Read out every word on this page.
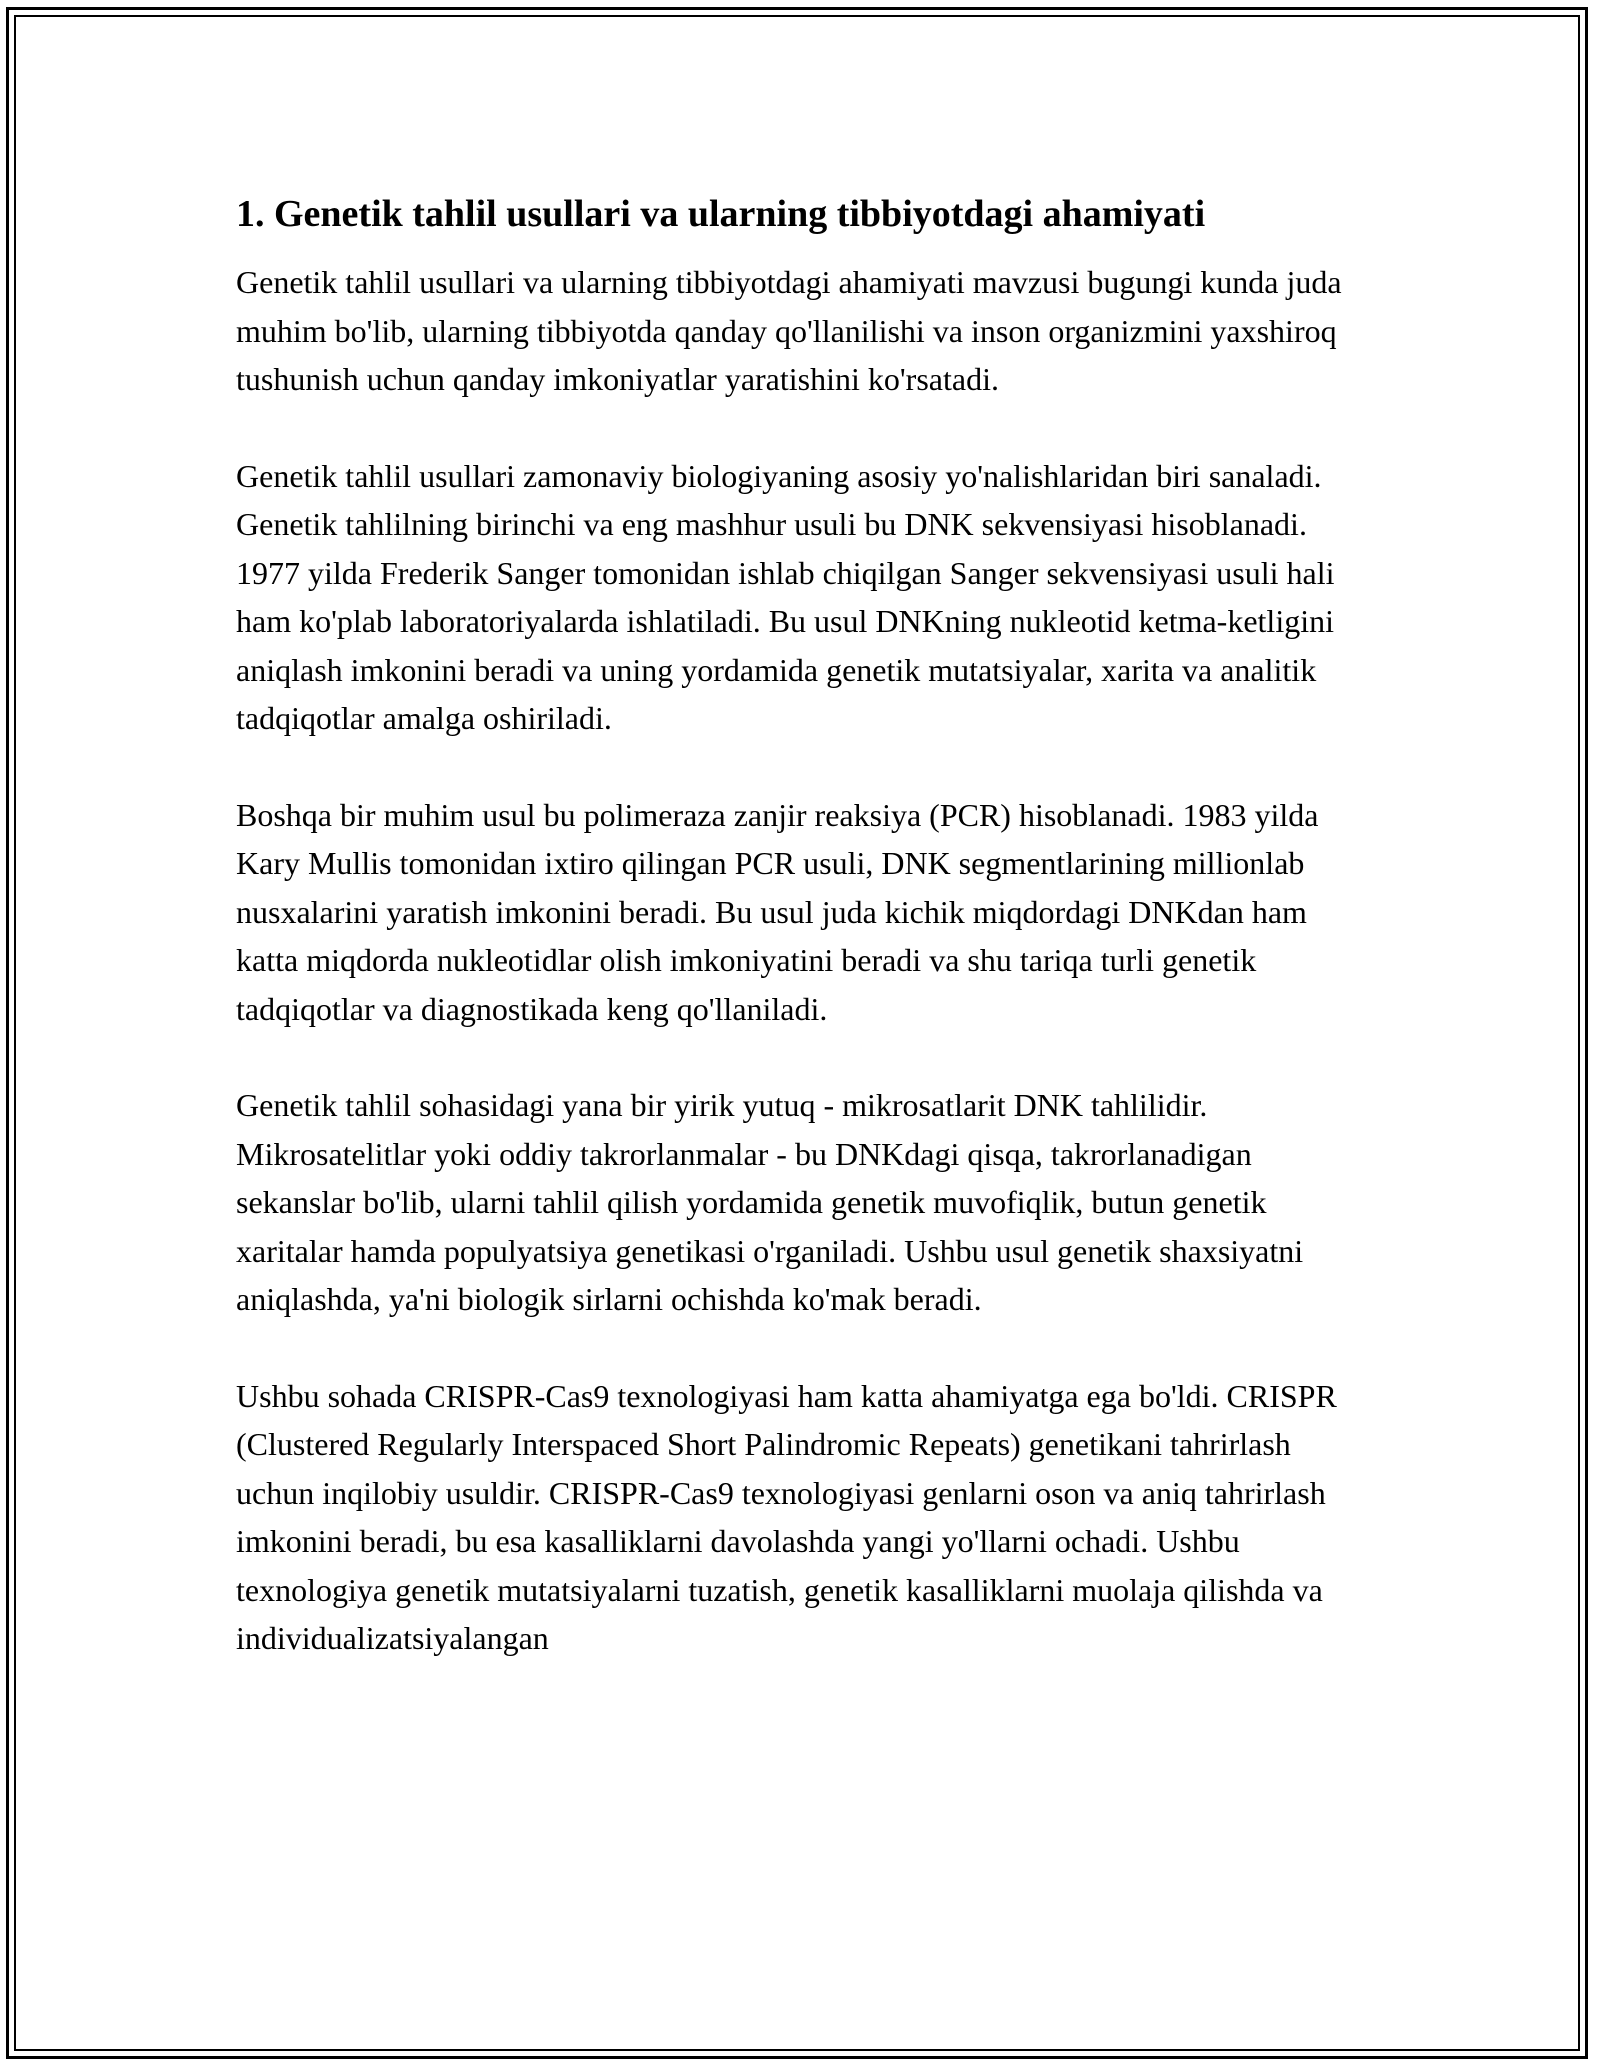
1. Genetik tahlil usullari va ularning tibbiyotdagi ahamiyati

Genetik tahlil usullari va ularning tibbiyotdagi ahamiyati mavzusi bugungi kunda juda muhim bo'lib, ularning tibbiyotda qanday qo'llanilishi va inson organizmini yaxshiroq tushunish uchun qanday imkoniyatlar yaratishini ko'rsatadi.

Genetik tahlil usullari zamonaviy biologiyaning asosiy yo'nalishlaridan biri sanaladi. Genetik tahlilning birinchi va eng mashhur usuli bu DNK sekvensiyasi hisoblanadi. 1977 yilda Frederik Sanger tomonidan ishlab chiqilgan Sanger sekvensiyasi usuli hali ham ko'plab laboratoriyalarda ishlatiladi. Bu usul DNKning nukleotid ketma-ketligini aniqlash imkonini beradi va uning yordamida genetik mutatsiyalar, xarita va analitik tadqiqotlar amalga oshiriladi.

Boshqa bir muhim usul bu polimeraza zanjir reaksiya (PCR) hisoblanadi. 1983 yilda Kary Mullis tomonidan ixtiro qilingan PCR usuli, DNK segmentlarining millionlab nusxalarini yaratish imkonini beradi. Bu usul juda kichik miqdordagi DNKdan ham katta miqdorda nukleotidlar olish imkoniyatini beradi va shu tariqa turli genetik tadqiqotlar va diagnostikada keng qo'llaniladi.

Genetik tahlil sohasidagi yana bir yirik yutuq - mikrosatlarit DNK tahlilidir. Mikrosatelitlar yoki oddiy takrorlanmalar - bu DNKdagi qisqa, takrorlanadigan sekanslar bo'lib, ularni tahlil qilish yordamida genetik muvofiqlik, butun genetik xaritalar hamda populyatsiya genetikasi o'rganiladi. Ushbu usul genetik shaxsiyatni aniqlashda, ya'ni biologik sirlarni ochishda ko'mak beradi.

Ushbu sohada CRISPR-Cas9 texnologiyasi ham katta ahamiyatga ega bo'ldi. CRISPR (Clustered Regularly Interspaced Short Palindromic Repeats) genetikani tahrirlash uchun inqilobiy usuldir. CRISPR-Cas9 texnologiyasi genlarni oson va aniq tahrirlash imkonini beradi, bu esa kasalliklarni davolashda yangi yo'llarni ochadi. Ushbu texnologiya genetik mutatsiyalarni tuzatish, genetik kasalliklarni muolaja qilishda va individualizatsiyalangan
